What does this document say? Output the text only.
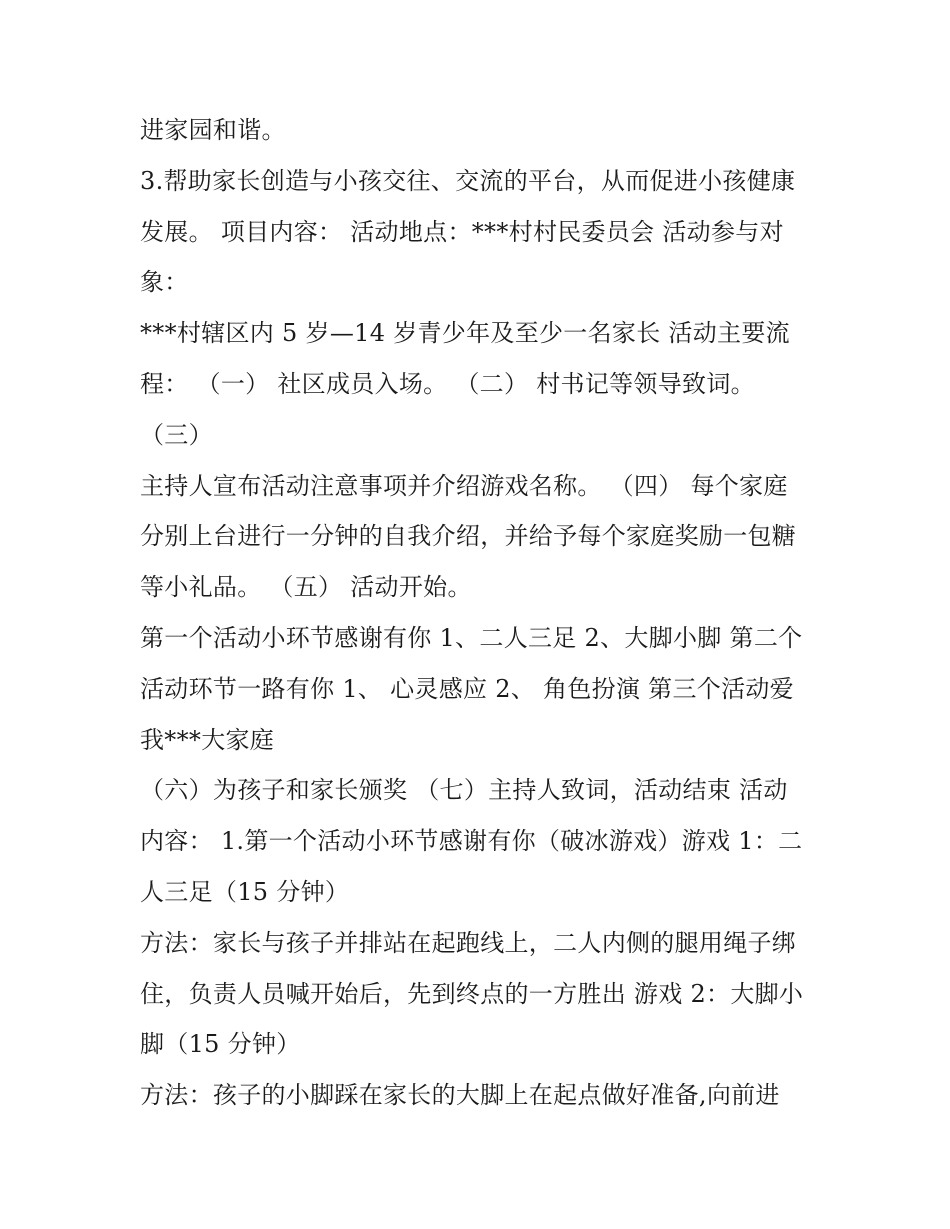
进家园和谐。
3.帮助家长创造与小孩交往、交流的平台，从而促进小孩健康
发展。 项目内容： 活动地点：***村村民委员会 活动参与对
象：
***村辖区内 5 岁—14 岁青少年及至少一名家长 活动主要流
程： （一） 社区成员入场。 （二） 村书记等领导致词。
（三）
主持人宣布活动注意事项并介绍游戏名称。 （四） 每个家庭
分别上台进行一分钟的自我介绍，并给予每个家庭奖励一包糖
等小礼品。 （五） 活动开始。
第一个活动小环节感谢有你 1、二人三足 2、大脚小脚 第二个
活动环节一路有你 1、 心灵感应 2、 角色扮演 第三个活动爱
我***大家庭
（六）为孩子和家长颁奖 （七）主持人致词，活动结束 活动
内容： 1.第一个活动小环节感谢有你（破冰游戏）游戏 1：二
人三足（15 分钟）
方法：家长与孩子并排站在起跑线上，二人内侧的腿用绳子绑
住，负责人员喊开始后，先到终点的一方胜出 游戏 2：大脚小
脚（15 分钟）
方法：孩子的小脚踩在家长的大脚上在起点做好准备,向前进
